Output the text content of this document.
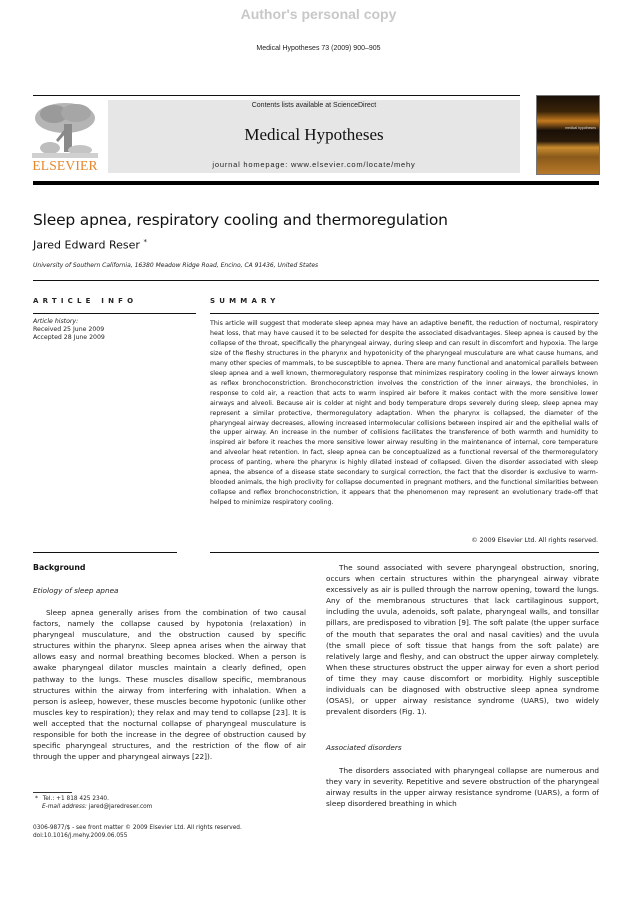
Author's personal copy
Medical Hypotheses 73 (2009) 900–905
ELSEVIER
Contents lists available at ScienceDirect
Medical Hypotheses
journal homepage: www.elsevier.com/locate/mehy
medical hypotheses
Sleep apnea, respiratory cooling and thermoregulation
Jared Edward Reser *
University of Southern California, 16380 Meadow Ridge Road, Encino, CA 91436, United States
ARTICLE INFO
Article history:
Received 25 June 2009
Accepted 28 June 2009
SUMMARY
This article will suggest that moderate sleep apnea may have an adaptive benefit, the reduction of nocturnal, respiratory heat loss, that may have caused it to be selected for despite the associated disadvantages. Sleep apnea is caused by the collapse of the throat, specifically the pharyngeal airway, during sleep and can result in discomfort and hypoxia. The large size of the fleshy structures in the pharynx and hypotonicity of the pharyngeal musculature are what cause humans, and many other species of mammals, to be susceptible to apnea. There are many functional and anatomical parallels between sleep apnea and a well known, thermoregulatory response that minimizes respiratory cooling in the lower airways known as reflex bronchoconstriction. Bronchoconstriction involves the constriction of the inner airways, the bronchioles, in response to cold air, a reaction that acts to warm inspired air before it makes contact with the more sensitive lower airways and alveoli. Because air is colder at night and body temperature drops severely during sleep, sleep apnea may represent a similar protective, thermoregulatory adaptation. When the pharynx is collapsed, the diameter of the pharyngeal airway decreases, allowing increased intermolecular collisions between inspired air and the epithelial walls of the upper airway. An increase in the number of collisions facilitates the transference of both warmth and humidity to inspired air before it reaches the more sensitive lower airway resulting in the maintenance of internal, core temperature and alveolar heat retention. In fact, sleep apnea can be conceptualized as a functional reversal of the thermoregulatory process of panting, where the pharynx is highly dilated instead of collapsed. Given the disorder associated with sleep apnea, the absence of a disease state secondary to surgical correction, the fact that the disorder is exclusive to warm-blooded animals, the high proclivity for collapse documented in pregnant mothers, and the functional similarities between collapse and reflex bronchoconstriction, it appears that the phenomenon may represent an evolutionary trade-off that helped to minimize respiratory cooling.
© 2009 Elsevier Ltd. All rights reserved.
Background
Etiology of sleep apnea

Sleep apnea generally arises from the combination of two causal factors, namely the collapse caused by hypotonia (relaxation) in pharyngeal musculature, and the obstruction caused by specific structures within the pharynx. Sleep apnea arises when the airway that allows easy and normal breathing becomes blocked. When a person is awake pharyngeal dilator muscles maintain a clearly defined, open pathway to the lungs. These muscles disallow specific, membranous structures within the airway from interfering with inhalation. When a person is asleep, however, these muscles become hypotonic (unlike other muscles key to respiration); they relax and may tend to collapse [23]. It is well accepted that the nocturnal collapse of pharyngeal musculature is responsible for both the increase in the degree of obstruction caused by specific pharyngeal structures, and the restriction of the flow of air through the upper and pharyngeal airways [22]).

* Tel.: +1 818 425 2340.
E-mail address: jared@jaredreser.com
0306-9877/$ - see front matter © 2009 Elsevier Ltd. All rights reserved.
doi:10.1016/j.mehy.2009.06.055

The sound associated with severe pharyngeal obstruction, snoring, occurs when certain structures within the pharyngeal airway vibrate excessively as air is pulled through the narrow opening, toward the lungs. Any of the membranous structures that lack cartilaginous support, including the uvula, adenoids, soft palate, pharyngeal walls, and tonsillar pillars, are predisposed to vibration [9]. The soft palate (the upper surface of the mouth that separates the oral and nasal cavities) and the uvula (the small piece of soft tissue that hangs from the soft palate) are relatively large and fleshy, and can obstruct the upper airway completely. When these structures obstruct the upper airway for even a short period of time they may cause discomfort or morbidity. Highly susceptible individuals can be diagnosed with obstructive sleep apnea syndrome (OSAS), or upper airway resistance syndrome (UARS), two widely prevalent disorders (Fig. 1).

Associated disorders

The disorders associated with pharyngeal collapse are numerous and they vary in severity. Repetitive and severe obstruction of the pharyngeal airway results in the upper airway resistance syndrome (UARS), a form of sleep disordered breathing in which
